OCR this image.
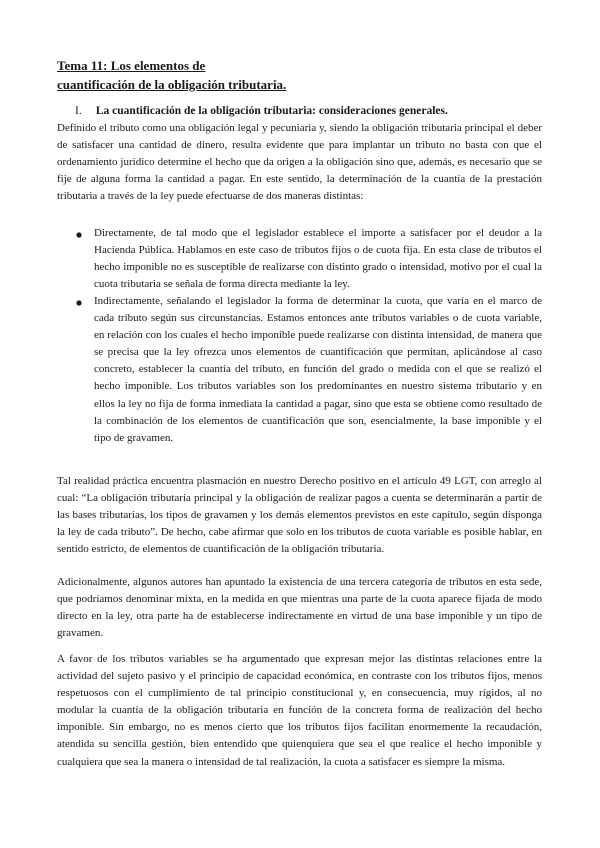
Tema 11: Los elementos de
cuantificación de la obligación tributaria.
I. La cuantificación de la obligación tributaria: consideraciones generales.

Definido el tributo como una obligación legal y pecuniaria y, siendo la obligación tributaria principal el deber de satisfacer una cantidad de dinero, resulta evidente que para implantar un tributo no basta con que el ordenamiento jurídico determine el hecho que da origen a la obligación sino que, además, es necesario que se fije de alguna forma la cantidad a pagar. En este sentido, la determinación de la cuantía de la prestación tributaria a través de la ley puede efectuarse de dos maneras distintas:

Directamente, de tal modo que el legislador establece el importe a satisfacer por el deudor a la Hacienda Pública. Hablamos en este caso de tributos fijos o de cuota fija. En esta clase de tributos el hecho imponible no es susceptible de realizarse con distinto grado o intensidad, motivo por el cual la cuota tributaria se señala de forma directa mediante la ley.

Indirectamente, señalando el legislador la forma de determinar la cuota, que varía en el marco de cada tributo según sus circunstancias. Estamos entonces ante tributos variables o de cuota variable, en relación con los cuales el hecho imponible puede realizarse con distinta intensidad, de manera que se precisa que la ley ofrezca unos elementos de cuantificación que permitan, aplicándose al caso concreto, establecer la cuantía del tributo, en función del grado o medida con el que se realizó el hecho imponible. Los tributos variables son los predominantes en nuestro sistema tributario y en ellos la ley no fija de forma inmediata la cantidad a pagar, sino que esta se obtiene como resultado de la combinación de los elementos de cuantificación que son, esencialmente, la base imponible y el tipo de gravamen.

Tal realidad práctica encuentra plasmación en nuestro Derecho positivo en el artículo 49 LGT, con arreglo al cual: “La obligación tributaria principal y la obligación de realizar pagos a cuenta se determinarán a partir de las bases tributarias, los tipos de gravamen y los demás elementos previstos en este capítulo, según disponga la ley de cada tributo”. De hecho, cabe afirmar que solo en los tributos de cuota variable es posible hablar, en sentido estricto, de elementos de cuantificación de la obligación tributaria.

Adicionalmente, algunos autores han apuntado la existencia de una tercera categoría de tributos en esta sede, que podríamos denominar mixta, en la medida en que mientras una parte de la cuota aparece fijada de modo directo en la ley, otra parte ha de establecerse indirectamente en virtud de una base imponible y un tipo de gravamen.

A favor de los tributos variables se ha argumentado que expresan mejor las distintas relaciones entre la actividad del sujeto pasivo y el principio de capacidad económica, en contraste con los tributos fijos, menos respetuosos con el cumplimiento de tal principio constitucional y, en consecuencia, muy rígidos, al no modular la cuantía de la obligación tributaria en función de la concreta forma de realización del hecho imponible. Sin embargo, no es menos cierto que los tributos fijos facilitan enormemente la recaudación, atendida su sencilla gestión, bien entendido que quienquiera que sea el que realice el hecho imponible y cualquiera que sea la manera o intensidad de tal realización, la cuota a satisfacer es siempre la misma.
